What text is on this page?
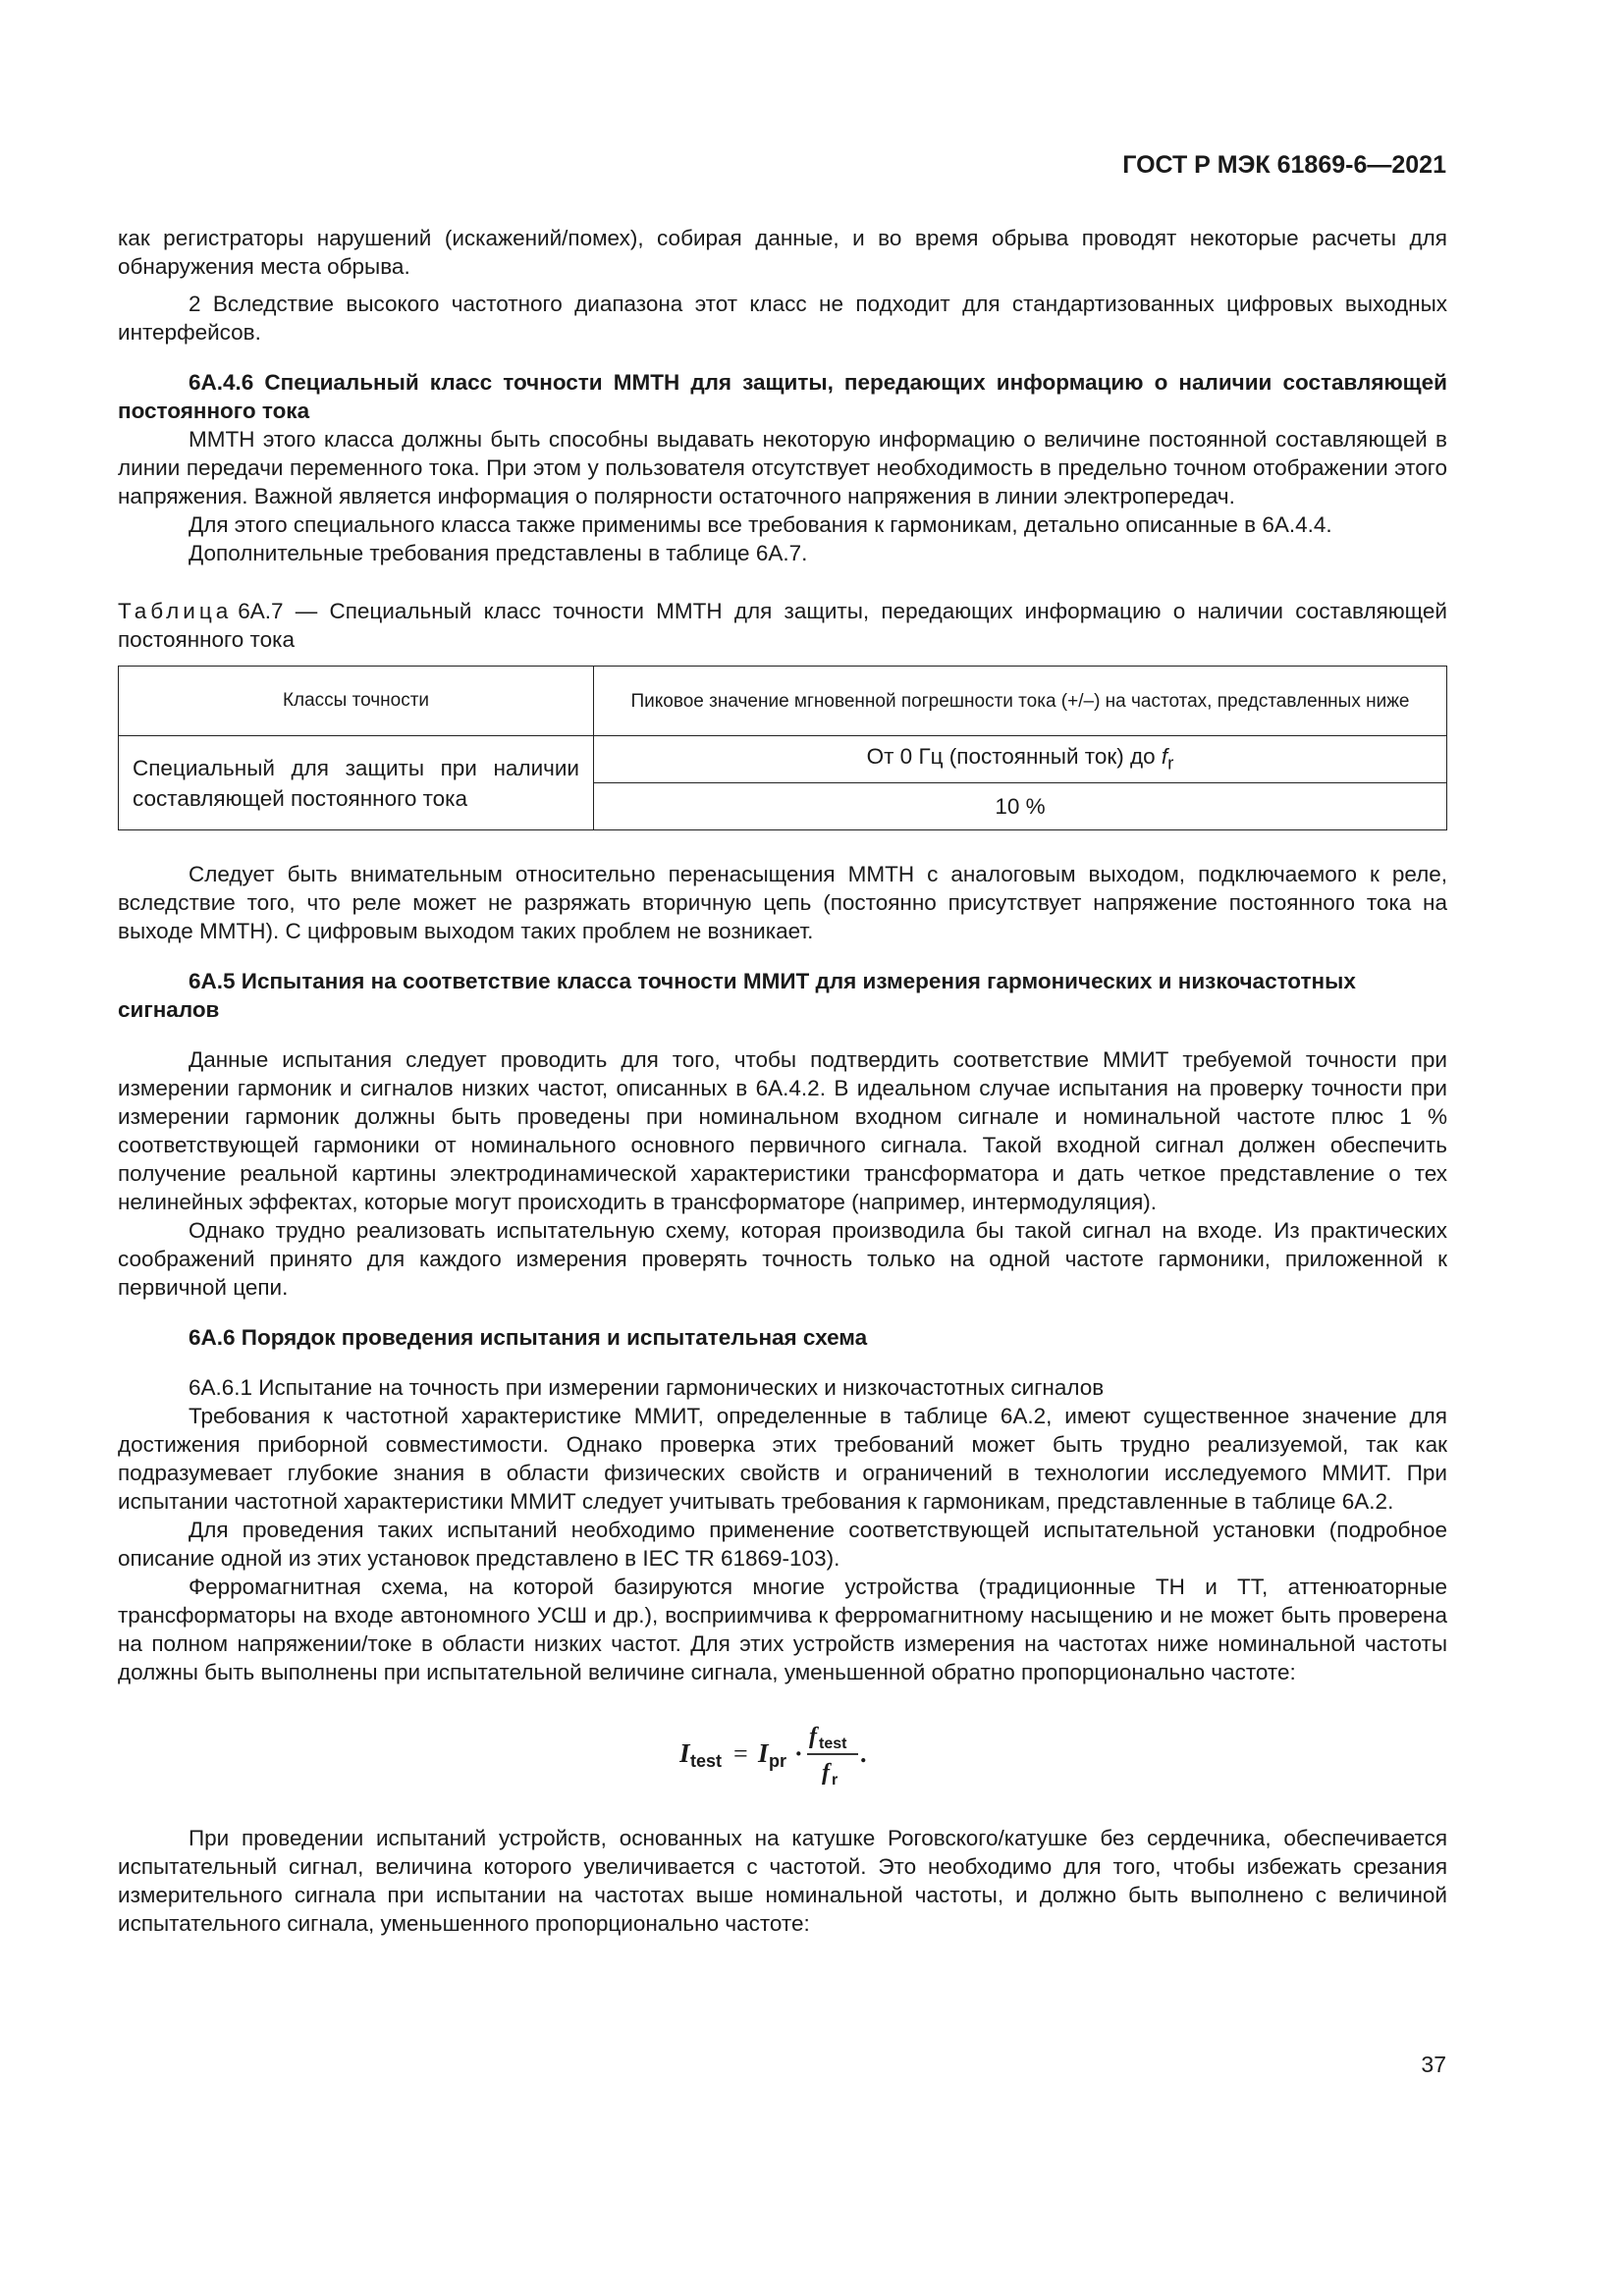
ГОСТ Р МЭК 61869-6—2021

как регистраторы нарушений (искажений/помех), собирая данные, и во время обрыва проводят некоторые расчеты для обнаружения места обрыва.

2 Вследствие высокого частотного диапазона этот класс не подходит для стандартизованных цифровых выходных интерфейсов.

6А.4.6 Специальный класс точности ММТН для защиты, передающих информацию о наличии составляющей постоянного тока

ММТН этого класса должны быть способны выдавать некоторую информацию о величине постоянной составляющей в линии передачи переменного тока. При этом у пользователя отсутствует необходимость в предельно точном отображении этого напряжения. Важной является информация о полярности остаточного напряжения в линии электропередач.

Для этого специального класса также применимы все требования к гармоникам, детально описанные в 6А.4.4.

Дополнительные требования представлены в таблице 6А.7.

Таблица 6А.7 — Специальный класс точности ММТН для защиты, передающих информацию о наличии составляющей постоянного тока

Классы точности	Пиковое значение мгновенной погрешности тока (+/–) на частотах, представленных ниже
Специальный для защиты при наличии составляющей постоянного тока	От 0 Гц (постоянный ток) до $f_r$
	10 %

Следует быть внимательным относительно перенасыщения ММТН с аналоговым выходом, подключаемого к реле, вследствие того, что реле может не разряжать вторичную цепь (постоянно присутствует напряжение постоянного тока на выходе ММТН). С цифровым выходом таких проблем не возникает.

6А.5 Испытания на соответствие класса точности ММИТ для измерения гармонических и низкочастотных сигналов

Данные испытания следует проводить для того, чтобы подтвердить соответствие ММИТ требуемой точности при измерении гармоник и сигналов низких частот, описанных в 6А.4.2. В идеальном случае испытания на проверку точности при измерении гармоник должны быть проведены при номинальном входном сигнале и номинальной частоте плюс 1 % соответствующей гармоники от номинального основного первичного сигнала. Такой входной сигнал должен обеспечить получение реальной картины электродинамической характеристики трансформатора и дать четкое представление о тех нелинейных эффектах, которые могут происходить в трансформаторе (например, интермодуляция).

Однако трудно реализовать испытательную схему, которая производила бы такой сигнал на входе. Из практических соображений принято для каждого измерения проверять точность только на одной частоте гармоники, приложенной к первичной цепи.

6А.6 Порядок проведения испытания и испытательная схема

6А.6.1 Испытание на точность при измерении гармонических и низкочастотных сигналов

Требования к частотной характеристике ММИТ, определенные в таблице 6А.2, имеют существенное значение для достижения приборной совместимости. Однако проверка этих требований может быть трудно реализуемой, так как подразумевает глубокие знания в области физических свойств и ограничений в технологии исследуемого ММИТ. При испытании частотной характеристики ММИТ следует учитывать требования к гармоникам, представленные в таблице 6А.2.

Для проведения таких испытаний необходимо применение соответствующей испытательной установки (подробное описание одной из этих установок представлено в IEC TR 61869-103).

Ферромагнитная схема, на которой базируются многие устройства (традиционные ТН и ТТ, аттенюаторные трансформаторы на входе автономного УСШ и др.), восприимчива к ферромагнитному насыщению и не может быть проверена на полном напряжении/токе в области низких частот. Для этих устройств измерения на частотах ниже номинальной частоты должны быть выполнены при испытательной величине сигнала, уменьшенной обратно пропорционально частоте:

I test = I pr ·
f test
f r
.

При проведении испытаний устройств, основанных на катушке Роговского/катушке без сердечника, обеспечивается испытательный сигнал, величина которого увеличивается с частотой. Это необходимо для того, чтобы избежать срезания измерительного сигнала при испытании на частотах выше номинальной частоты, и должно быть выполнено с величиной испытательного сигнала, уменьшенного пропорционально частоте:

37
